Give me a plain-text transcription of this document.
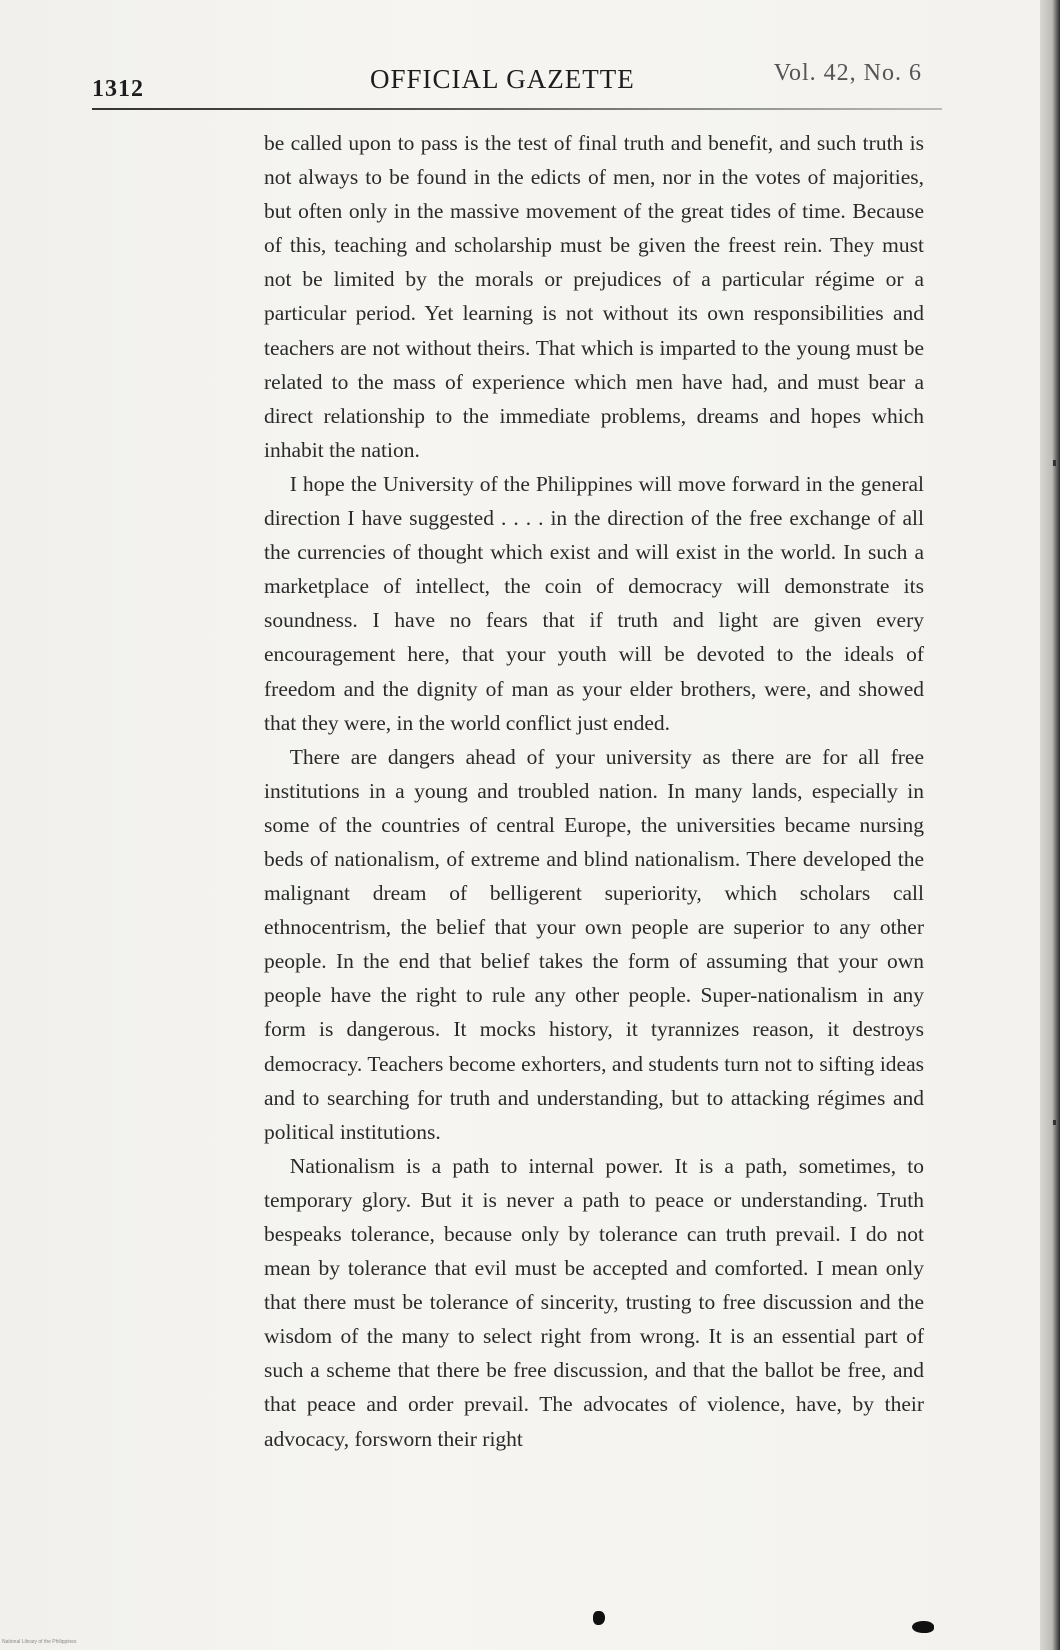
1312	OFFICIAL GAZETTE	Vol. 42, No. 6

be called upon to pass is the test of final truth and benefit, and such truth is not always to be found in the edicts of men, nor in the votes of majorities, but often only in the massive movement of the great tides of time. Because of this, teaching and scholarship must be given the freest rein. They must not be limited by the morals or prejudices of a particular régime or a particular period. Yet learning is not without its own responsibilities and teachers are not without theirs. That which is imparted to the young must be related to the mass of experience which men have had, and must bear a direct relationship to the immediate problems, dreams and hopes which inhabit the nation.

I hope the University of the Philippines will move forward in the general direction I have suggested . . . . in the direction of the free exchange of all the currencies of thought which exist and will exist in the world. In such a marketplace of intellect, the coin of democracy will demonstrate its soundness. I have no fears that if truth and light are given every encouragement here, that your youth will be devoted to the ideals of freedom and the dignity of man as your elder brothers, were, and showed that they were, in the world conflict just ended.

There are dangers ahead of your university as there are for all free institutions in a young and troubled nation. In many lands, especially in some of the countries of central Europe, the universities became nursing beds of nationalism, of extreme and blind nationalism. There developed the malignant dream of belligerent superiority, which scholars call ethnocentrism, the belief that your own people are superior to any other people. In the end that belief takes the form of assuming that your own people have the right to rule any other people. Super-nationalism in any form is dangerous. It mocks history, it tyrannizes reason, it destroys democracy. Teachers become exhorters, and students turn not to sifting ideas and to searching for truth and understanding, but to attacking régimes and political institutions.

Nationalism is a path to internal power. It is a path, sometimes, to temporary glory. But it is never a path to peace or understanding. Truth bespeaks tolerance, because only by tolerance can truth prevail. I do not mean by tolerance that evil must be accepted and comforted. I mean only that there must be tolerance of sincerity, trusting to free discussion and the wisdom of the many to select right from wrong. It is an essential part of such a scheme that there be free discussion, and that the ballot be free, and that peace and order prevail. The advocates of violence, have, by their advocacy, forsworn their right

National Library of the Philippines
